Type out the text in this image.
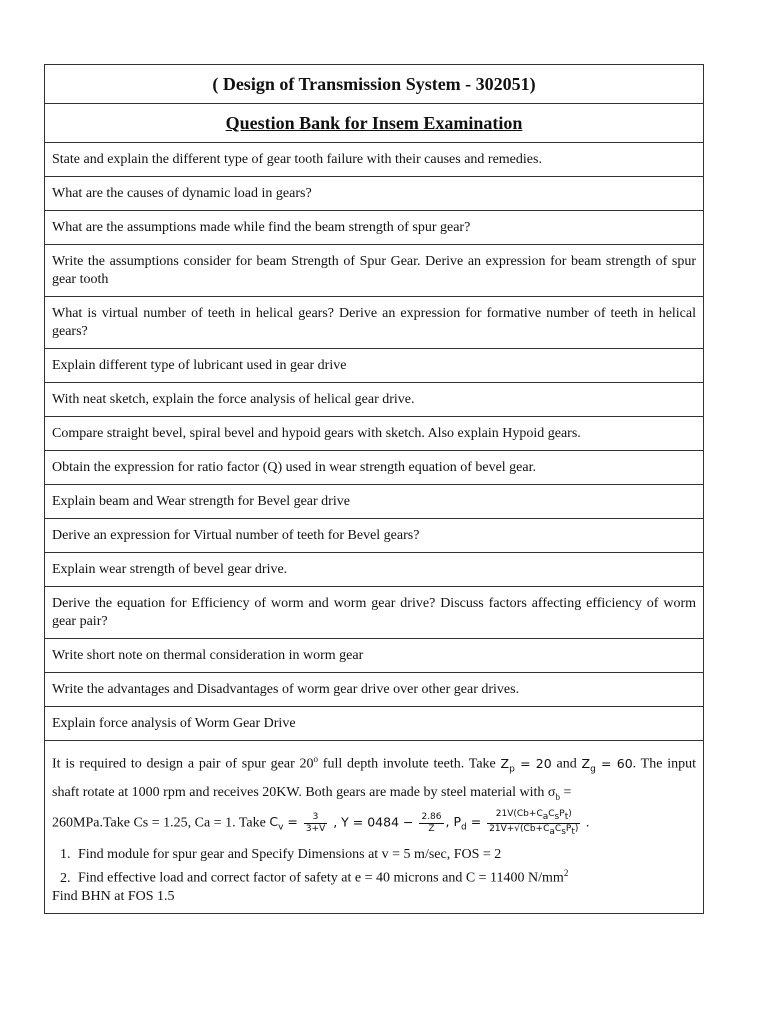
( Design of Transmission System - 302051)
Question Bank for Insem Examination
State and explain the different type of gear tooth failure with their causes and remedies.
What are the causes of dynamic load in gears?
What are the assumptions made while find the beam strength of spur gear?
Write the assumptions consider for beam Strength of Spur Gear. Derive an expression for beam strength of spur gear tooth
What is virtual number of teeth in helical gears? Derive an expression for formative number of teeth in helical gears?
Explain different type of lubricant used in gear drive
With neat sketch, explain the force analysis of helical gear drive.
Compare straight bevel, spiral bevel and hypoid gears with sketch. Also explain Hypoid gears.
Obtain the expression for ratio factor (Q) used in wear strength equation of bevel gear.
Explain beam and Wear strength for Bevel gear drive
Derive an expression for Virtual number of teeth for Bevel gears?
Explain wear strength of bevel gear drive.
Derive the equation for Efficiency of worm and worm gear drive? Discuss factors affecting efficiency of worm gear pair?
Write short note on thermal consideration in worm gear
Write the advantages and Disadvantages of worm gear drive over other gear drives.
Explain force analysis of Worm Gear Drive

It is required to design a pair of spur gear 20$^o$ full depth involute teeth. Take $Z_p = 20$ and $Z_g = 60$. The input shaft rotate at 1000 rpm and receives 20KW. Both gears are made by steel material with $\sigma_b$ =
260MPa.Take Cs = 1.25, Ca = 1. Take $C_v = \frac{3}{3+V}$ , $Y = 0484 - \frac{2.86}{Z}$ , $P_d = \frac{21V(Cb+C_aC_sP_t)}{21V+√(Cb+C_aC_sP_t)}$ .
1. Find module for spur gear and Specify Dimensions at v = 5 m/sec, FOS = 2
2. Find effective load and correct factor of safety at e = 40 microns and C = 11400 $N/mm^2$
Find BHN at FOS 1.5
